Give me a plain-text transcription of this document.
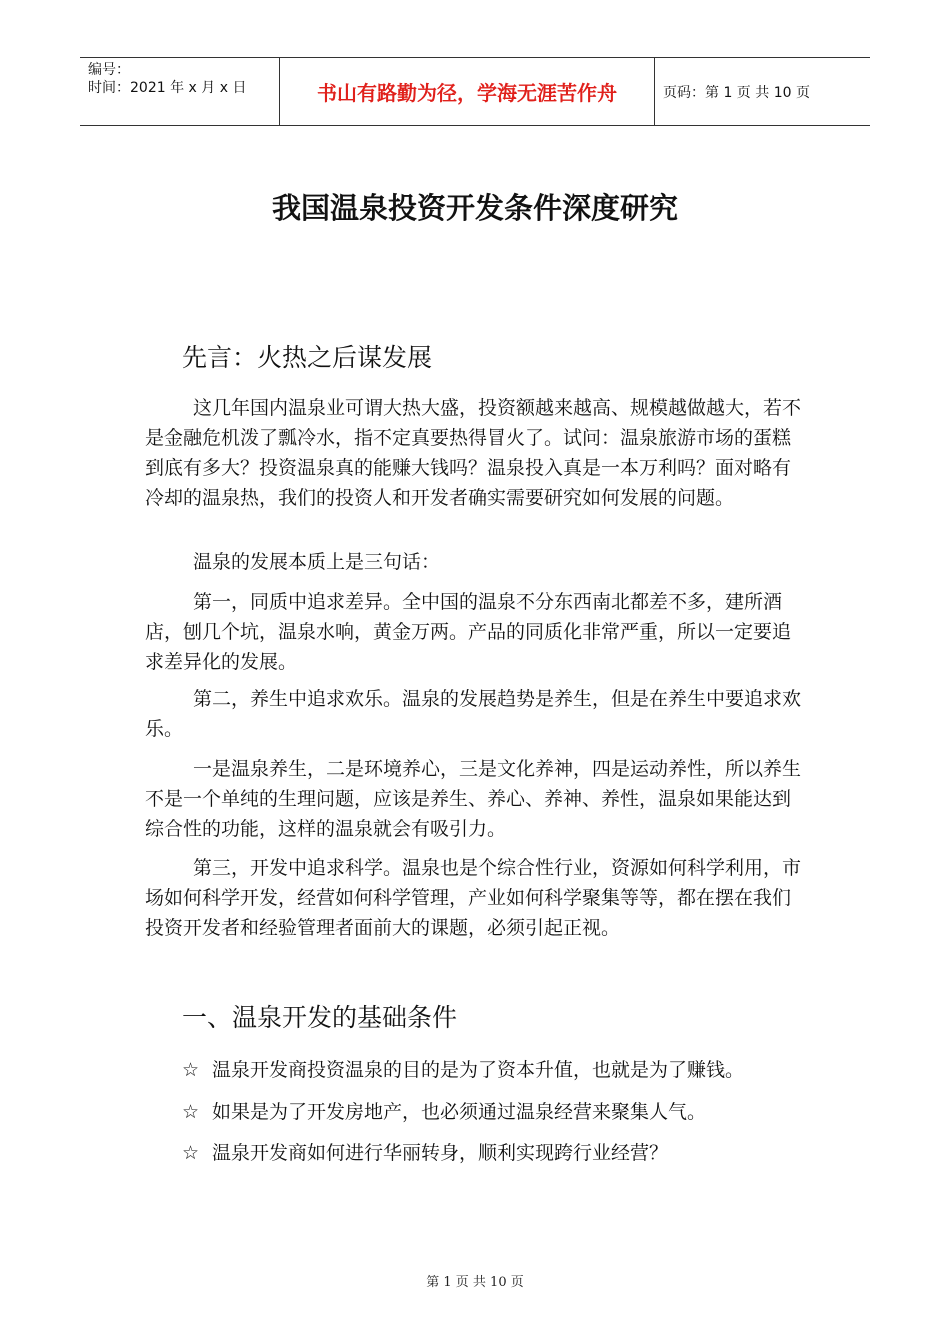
编号：
时间：2021 年 x 月 x 日	书山有路勤为径，学海无涯苦作舟	页码：第 1 页 共 10 页
我国温泉投资开发条件深度研究
先言：火热之后谋发展

这几年国内温泉业可谓大热大盛，投资额越来越高、规模越做越大，若不是金融危机泼了瓢冷水，指不定真要热得冒火了。试问：温泉旅游市场的蛋糕到底有多大？投资温泉真的能赚大钱吗？温泉投入真是一本万利吗？面对略有冷却的温泉热，我们的投资人和开发者确实需要研究如何发展的问题。

温泉的发展本质上是三句话：

第一，同质中追求差异。全中国的温泉不分东西南北都差不多，建所酒店，刨几个坑，温泉水响，黄金万两。产品的同质化非常严重，所以一定要追求差异化的发展。

第二，养生中追求欢乐。温泉的发展趋势是养生，但是在养生中要追求欢乐。

一是温泉养生，二是环境养心，三是文化养神，四是运动养性，所以养生不是一个单纯的生理问题，应该是养生、养心、养神、养性，温泉如果能达到综合性的功能，这样的温泉就会有吸引力。

第三，开发中追求科学。温泉也是个综合性行业，资源如何科学利用，市场如何科学开发，经营如何科学管理，产业如何科学聚集等等，都在摆在我们投资开发者和经验管理者面前大的课题，必须引起正视。

一、温泉开发的基础条件
☆ 温泉开发商投资温泉的目的是为了资本升值，也就是为了赚钱。
☆ 如果是为了开发房地产，也必须通过温泉经营来聚集人气。
☆ 温泉开发商如何进行华丽转身，顺利实现跨行业经营？
第 1 页 共 10 页
